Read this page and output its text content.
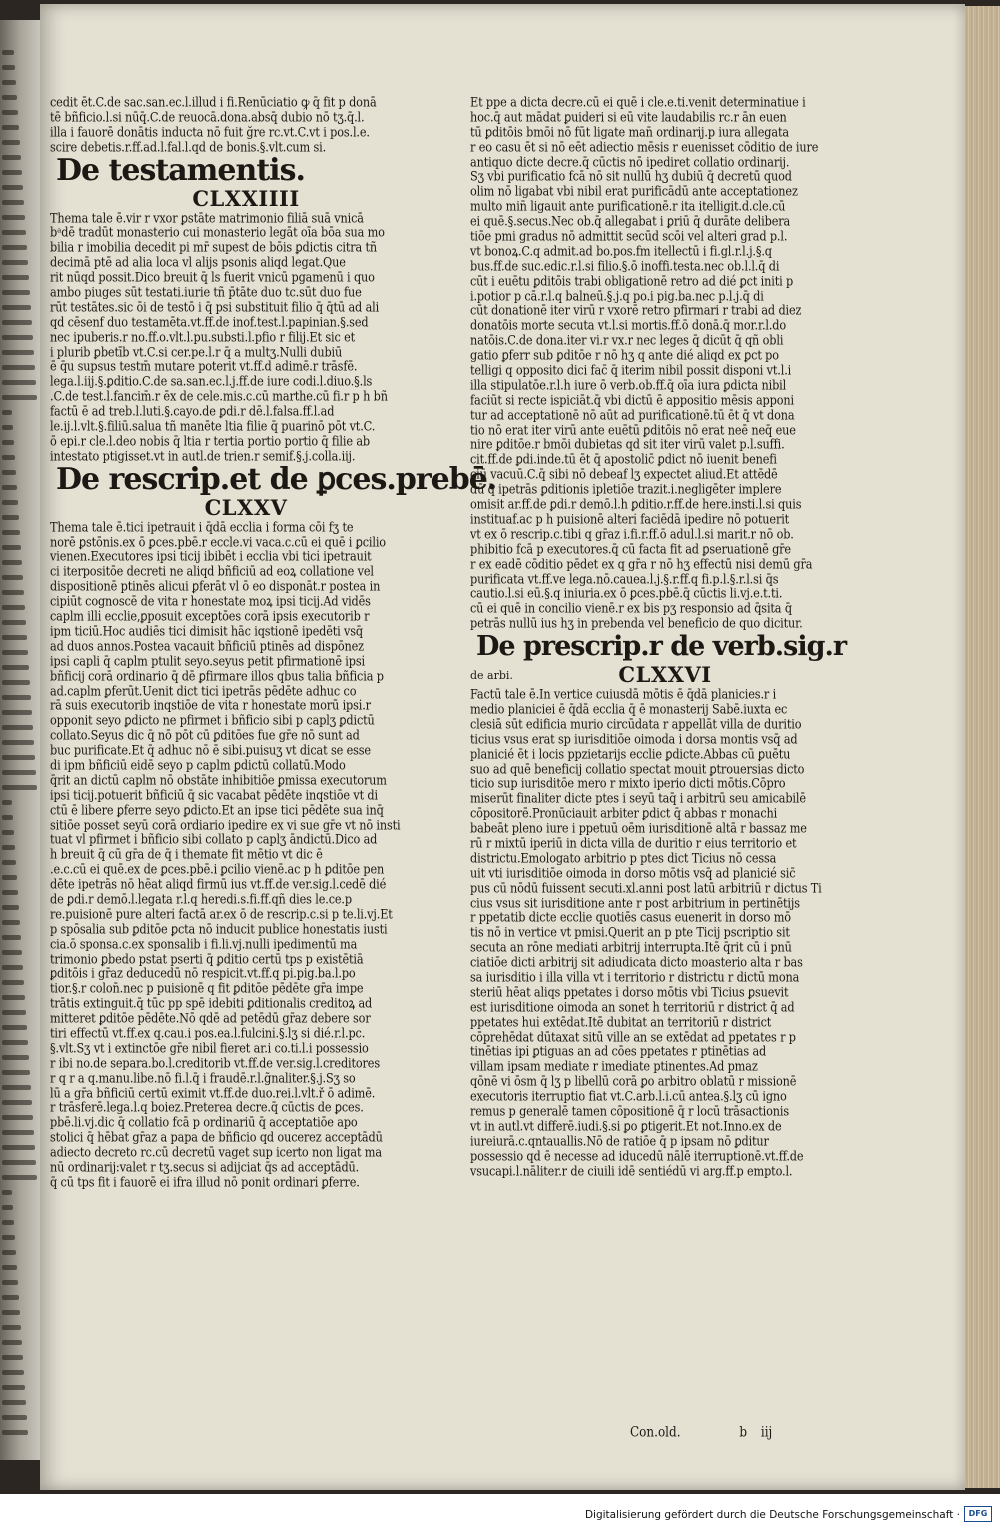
cedit ēt.C.de sac.san.ec.l.illud i fi.Renūciatio ꝙ q̄ fit p donā
tē bñficio.l.si nūq̄.C.de reuocā.dona.absq̄ dubio nō tʒ.q̄.l.
illa i fauorē donātis inducta nō fuit ğre rc.vt.C.vt i pos.l.e.
scire debetis.r.ff.ad.l.fal.l.qd de bonis.§.vlt.cum si.
De testamentis.
CLXXIIII
Thema tale ē.vir r vxor ꝑstāte matrimonio filiā suā vnicā
bᵃdē tradūt monasterio cui monasterio legāt oīa bōa sua mo
bilia r imobilia decedit pi mr̄ supest de bōis ꝑdictis citra tñ
decimā ptē ad alia loca vl̄ alijs psonis aliqd legat.Que
rit nūqd possit.Dico breuit q̄ ls fuerit vnicū pgamenū i quo
ambo piuges sūt testati.iurie tñ p̄tāte duo tc.sūt duo fue
rūt testātes.sic ōi de testō i q̄ psi substituit filio q̄ q̄tū ad ali
qd cēsenf duo testamēta.vt.ff.de inof.test.l.papinian.§.sed
nec ipuberis.r no.ff.o.vlt.l.pu.substi.l.pfio r filij.Et sic et
i plurib̄ ꝑbetīb̄ vt.C.si cer.pe.l.r q̄ a multʒ.Nulli dubiū
ē q̄u supsus testm̄ mutare poterit vt.ff.d adimē.r trāsfē.
lega.l.iij.§.ꝑditio.C.de sa.san.ec.l.j.ff.de iure codi.l.diuo.§.ls
.C.de test.l.fancim̄.r ēx de cele.mis.c.cū marthe.cū fi.r p h bñ
factū ē ad treb.l.luti.§.cayo.de ꝑdi.r dē.l.falsa.ff.l.ad
le.ij.l.vlt.§.filiū.salua tñ manēte ltia filie q̄ puarinō pōt vt.C.
ō epi.r cle.l.deo nobis q̄ ltia r tertia portio portio q̄ filie ab
intestato ptigisset.vt in autl.de trien.r semif.§.j.colla.iij.
De rescrip.et de ꝑces.prebē.
CLXXV
Thema tale ē.tici̇ ipetrauit i q̄dā eccl̄ia i forma cōi fʒ te
norē ꝑstōnis.ex ō ꝑces.pbē.r eccle.vi vaca.c.cū ei quē i ꝑcilio
vienen.Executores ipsi̇ ticij ibibēt i eccl̄ia vbi tici̇ ipetrauit
ci iterpositōe decreti ne aliqd bñficiū ad eoꝝ collatione vel
dispositionē ptinēs alicui ꝑferāt vl̄ ō eo disponāt.r postea in
cipiūt cognoscē de vita r honestate moꝝ ipsi̇ ticij.Ad vidēs
capl̄m illi̇ eccl̄ie,ꝑposuit exceptōes corā ipsis executorib̄ r
ipm ticiū.Hoc audiēs tici̇ dimisit hāc iqstionē ipedēti vsq̄
ad duos annos.Postea vacauit bñficiū ptinēs ad dispōnez
ipsi̇ capl̄i q̄ capl̄m ptulit seyo.seyus petit pfirmationē ipsi̇
bñficij corā ordinario q̄ dē ꝑfirmare illos qbus talia bñficia p
ad.capl̄m ꝑferūt.Uenit dict̄ tici̇ ipetrās pēdēte adhuc co
rā suis executorib̄ inqstiōe de vita r honestate morū ipsi̇.r
opponit seyo ꝑdicto ne pfirmet i bñficio sibi p caplʒ ꝑdictū
collato.Seyus dic q̄ nō pōt cū ꝑditōes fue gr̄e nō sunt ad
buc purificate.Et q̄ adhuc nō ē sibi.puisuʒ vt dicat se esse
di ipm bñficiū eidē seyo p capl̄m ꝑdictū collatū.Modo
q̄rit an dictū capl̄m nō obstāte inhibitiōe ꝑmissa executorum
ipsi̇ ticij.potuerit bñficiū q̄ sic vacabat pēdēte inqstiōe vt di
ctū ē libere ꝑferre seyo ꝑdicto.Et an ipse tici̇ pēdēte sua inq̄
sitiōe posset seyū corā ordiario ipedire ex vi sue gr̄e vt nō insti
tuat vl̄ pfirmet i bñficio sibi collato p caplʒ āndictū.Dico ad
h breuit q̄ cū gr̄a de q̄ i themate fit mētio vt dic ē
.e.c.cū ei quē.ex de ꝑces.pbē.i ꝑcilio vienē.ac p h ꝑditōe pen
dēte ipetrās nō hēat aliqd firmū ius vt.ff.de ver.sig.l.cedē dié
de ꝑdi.r demō.l.legata r.l.q heredi.s.fi.ff.qñ dies le.ce.p
re.puisionē pure alteri̇ factā ar.ex ō de rescrip.c.si p te.li.vj.Et
p spōsalia sub ꝑditōe ꝑcta nō inducit publice honestatis iusti
cia.ō sponsa.c.ex sponsalib̄ i fi.li.vj.nulli ipedimentū ma
trimonio ꝑbedo pstat pserti q̄ ꝑditio certū tps p existētiā
ꝑditōis i gr̄az deducedū nō respicit.vt.ff.q pi.pig.ba.l.po
tior.§.r colon̄.nec p puisionē q fit ꝑditōe pēdēte gr̄a impe
trātis extinguit.q̄ tūc pp spē idebiti ꝑditionalis creditoꝝ ad
mitteret ꝑditōe pēdēte.Nō qdē ad petēdū gr̄az debere sor
tiri effectū vt.ff.ex q.cau.i pos.ea.l.fulcini̇.§.lʒ si dié.r.l.pc.
§.vlt.Sʒ vt i extinctōe gr̄e nibil fieret ar.i co.ti.l.i possessio
r ibi no.de separa.bo.l.creditorib̄ vt.ff.de ver.sig.l.creditores
r q r a q.manu.libe.nō fi.l.q̄ i fraudē.r.l.g̃naliter.§.j.Sʒ so
lū a gr̄a bñficiū certū eximit vt.ff.de duo.rei.l.vlt.ř ō adimē.
r trāsferē.lega.l.q boiez.Preterea decre.q̄ cūctis de ꝑces.
pbē.li.vj.dic q̄ collatio fcā p ordinariū q̄ acceptatiōe apo
stolici q̄ hēbat gr̄az a papa de bñficio qd oucerez acceptādū
adiecto decreto rc.cū decretū vaget sup icerto non ligat ma
nū ordinarij:valet r tʒ.secus si adijciat̄ q̄s ad acceptādū.
q̄ cū tps fit i fauorē ei̇ ifra illud nō ponit ordinari̇ ꝑferre.
Et ppe a dicta decre.cū ei quē i cle.e.ti.venit determinatiue i
hoc.q̄ aut mādat ꝑuideri si eū vite laudabilis rc.r ān euen
tū ꝑditōis bmōi nō fūt ligate man̄ ordinarij.p iura allegata
r eo casu ēt si nō eēt adiectio mēsis r euenisset cōditio de iure
antiquo dicte decre.q̄ cūctis nō ipediret collatio ordinarij.
Sʒ vbi purificatio fcā nō sit nullū hʒ dubiū q̄ decretū quod
olim nō ligabat vbi nibil erat purificādū ante acceptationez
multo min̄ ligauit ante purificationē.r ita itelligit.d.cle.cū
ei quē.§.secus.Nec ob.q̄ allegabat̄ i ꝑriū q̄ durāte delibera
tiōe pmi gradus nō admittit secūd̄ scōi vel alteri̇ grad̄ p.l.
vt bonoꝝ.C.q admit.ad bo.pos.fm itellectū i fi.gl.r.l.j.§.q
bus.ff.de suc.edic.r.l.si filio.§.ō inoffi.testa.nec ob.l.l.q̄ di
cūt i euētu ꝑditōis trabi obligationē retro ad dié ꝑct̄ initi p
i.potior p cā.r.l.q balneū.§.j.q po.i pig.ba.nec p.l.j.q̄ di
cūt donationē iter virū r vxorē retro pfirmari r trabi ad diez
donatōis morte secuta vt.l.si mortis.ff.ō donā.q̄ mor.r.l.do
natōis.C.de dona.iter vi.r vx.r nec leges q̄ dicūt q̄ qñ obli
gatio ꝑferr sub ꝑditōe r nō hʒ q ante dié aliqd ex ꝑct̄ po
telligi q opposito dici fac̄ q̄ iterim nibil possit disponi vt.l.i
illa stipulatōe.r.l.h iure ō verb.ob.ff.q̄ oīa iura ꝑdicta nibil
faciūt si recte ispiciāt.q̄ vbi dictū ē appositio mēsis apponi
tur ad acceptationē nō aūt ad purificationē.tū ēt q̄ vt dona
tio nō erat iter virū ante euētū ꝑditōis nō erat neē neq̄ eue
nire ꝑditōe.r bmōi dubietas qd sit iter virū valet p.l.suffi.
cit.ff.de ꝑdi.inde.tū ēt q̄ apostolic̄ ꝑdict̄ nō iuenit benefi
ciū vacuū.C.q̄ sibi nō debeaf lʒ expectet aliud.Et attēdē
dū q̄ ipetrās ꝑditionis ipletiōe trazit.i.negligēter implere
omisit ar.ff.de ꝑdi.r demō.l.h ꝑditio.r.ff.de here.insti.l.si quis
instituaf.ac p h puisionē alteri̇ faciēdā ipedire nō potuerit
vt ex ō rescrip.c.tibi q gr̄az i.fi.r.ff.ō adul.l.si marit̄.r nō ob.
phibitio fcā p executores.q̄ cū facta fit ad ꝑseruationē gr̄e
r ex eadē cōditio pēdet ex q gr̄a r nō hʒ effectū nisi demū gr̄a
purificata vt.ff.ve lega.nō.cauea.l.j.§.r.ff.q fi.p.l.§.r.l.si q̄s
cautio.l.si eū.§.q iniuria.ex ō ꝑces.pbē.q̄ cūctis li.vj.e.t.ti.
cū ei quē in concilio vienē.r ex bis pʒ responsio ad q̄sita q̄
petrās nullū ius hʒ in prebenda vel beneficio de quo dicitur.
De prescrip.r de verb.sig.r
de arbi.	CLXXVI
Factū tale ē.In vertice cuiusdā mōtis ē q̄dā planicies.r i
medio planiciei ē q̄dā eccl̄ia q̄ ē monasterij Sabē.iuxta ec
clesiā sūt edificia murio circūdata r appellāt villa de duritio
ticius vsus erat sp iurisditiōe oimoda i dorsa montis vsq̄ ad
planicié ēt i locis ppzietarijs eccl̄ie ꝑdicte.Abbas cū ꝑuētu
suo ad quē beneficij collatio spectat mouit ꝑtrouersias dicto
ticio sup iurisditōe mero r mixto iperio dicti mōtis.Cōpro
miserūt finaliter dicte ptes i seyū taq̄ i arbitrū seu amicabilē
cōpositorē.Pronūciauit arbiter ꝑdict̄ q̄ abbas r monachi
babeāt pleno iure i ppetuū oēm iurisditionē altā r bassaz me
rū r mixtū iperiū in dicta villa de duritio r eius territorio et
districtu.Emologato arbitrio p ptes dict̄ Ticius nō cessa
uit vti iurisditiōe oimoda in dorso mōtis vsq̄ ad planicié sic̄
pus cū nōdū fuissent secuti.xl.anni post latū arbitriū r dictus Ti
cius vsus sit iurisditione ante r post arbitrium in pertinētijs
r ppetatib̄ dicte eccl̄ie quotiēs casus euenerit in dorso mō
tis nō in vertice vt pmisi.Querit an p pte Ticij pscriptio sit
secuta an rōne mediati arbitrij interrupta.Itē q̄rit cū i pnū
ciatiōe dicti arbitrij sit adiudicata dicto moasterio alta r bas
sa iurisditio i illa villa vt i territorio r districtu r dictū mona
steriū hēat aliqs ppetates i dorso mōtis vbi Ticius ꝑsuevit
est iurisditione oimoda an sonet h territoriū r district̄ q̄ ad
ppetates hui̇ extēdat.Itē dubitat̄ an territoriū r district̄
cōprehēdat dūtaxat sitū ville an se extēdat ad ppetates r p
tinētias ipi̇ ꝑtiguas an ad cōes ppetates r ptinētias ad
villam ipsam mediate r imediate ptinentes.Ad pmaz
qōnē vi ōsm q̄ lʒ p libellū corā ꝑo arbitro oblatū r missionē
executoris iterruptio fiat vt.C.arb̄.l.i.cū antea.§.lʒ cū igno
remus p generalē tamen cōpositionē q̄ r locū trāsactionis
vt in autl.vt differē.iudi.§.si ꝑo ꝑtigerit.Et not.Inno.ex de
iureiurā.c.qntauallis.Nō de ratiōe q̄ p ipsam nō ꝑditur
possessio qd ē necesse ad iducedū nālē iterruptionē.vt.ff.de
vsucapi.l.nāliter.r de ciuili idē sentiédū vi arg.ff.p empto.l.
Con.old.	b iij
Digitalisierung gefördert durch die Deutsche Forschungsgemeinschaft ·	DFG
